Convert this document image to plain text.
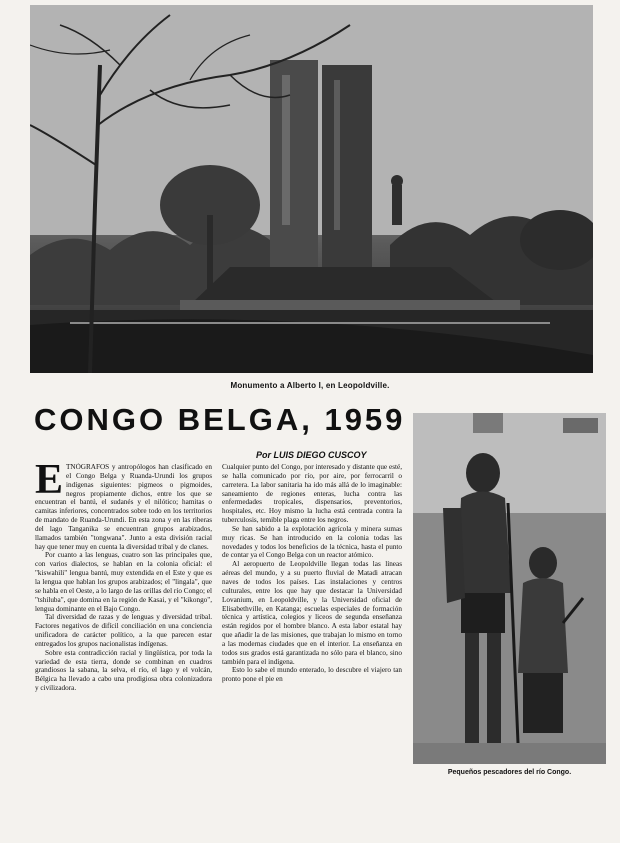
Monumento a Alberto I, en Leopoldville.
CONGO BELGA, 1959
Por LUIS DIEGO CUSCOY

ETNÓGRAFOS y antropólogos han clasificado en el Congo Belga y Ruanda-Urundi los grupos indígenas siguientes: pigmeos o pigmoides, negros propiamente dichos, entre los que se encuentran el bantú, el sudanés y el nilótico; hamitas o camitas inferiores, concentrados sobre todo en los territorios de mandato de Ruanda-Urundi. En esta zona y en las riberas del lago Tanganika se encuentran grupos arabizados, llamados también "tongwana". Junto a esta división racial hay que tener muy en cuenta la diversidad tribal y de clanes.

Por cuanto a las lenguas, cuatro son las principales que, con varios dialectos, se hablan en la colonia oficial: el "kiswahili" lengua bantú, muy extendida en el Este y que es la lengua que hablan los grupos arabizados; el "lingala", que se habla en el Oeste, a lo largo de las orillas del río Congo; el "tshiluba", que domina en la región de Kasai, y el "kikongo", lengua dominante en el Bajo Congo.

Tal diversidad de razas y de lenguas y diversidad tribal. Factores negativos de difícil conciliación en una conciencia unificadora de carácter político, a la que parecen estar entregados los grupos nacionalistas indígenas.

Sobre esta contradicción racial y lingüística, por toda la variedad de esta tierra, donde se combinan en cuadros grandiosos la sabana, la selva, el río, el lago y el volcán, Bélgica ha llevado a cabo una prodigiosa obra colonizadora y civilizadora.

Cualquier punto del Congo, por interesado y distante que esté, se halla comunicado por río, por aire, por ferrocarril o carretera. La labor sanitaria ha ido más allá de lo imaginable: saneamiento de regiones enteras, lucha contra las enfermedades tropicales, dispensarios, preventorios, hospitales, etc. Hoy mismo la lucha está centrada contra la tuberculosis, temible plaga entre los negros.

Se han sabido a la explotación agrícola y minera sumas muy ricas. Se han introducido en la colonia todas las novedades y todos los beneficios de la técnica, hasta el punto de contar ya el Congo Belga con un reactor atómico.

Al aeropuerto de Leopoldville llegan todas las líneas aéreas del mundo, y a su puerto fluvial de Matadi atracan naves de todos los países. Las instalaciones y centros culturales, entre los que hay que destacar la Universidad Lovanium, en Leopoldville, y la Universidad oficial de Elisabethville, en Katanga; escuelas especiales de formación técnica y artística, colegios y liceos de segunda enseñanza están regidos por el hombre blanco. A esta labor estatal hay que añadir la de las misiones, que trabajan lo mismo en torno a las modernas ciudades que en el interior. La enseñanza en todos sus grados está garantizada no sólo para el blanco, sino también para el indígena.

Esto lo sabe el mundo enterado, lo descubre el viajero tan pronto pone el pie en

Pequeños pescadores del río Congo.
